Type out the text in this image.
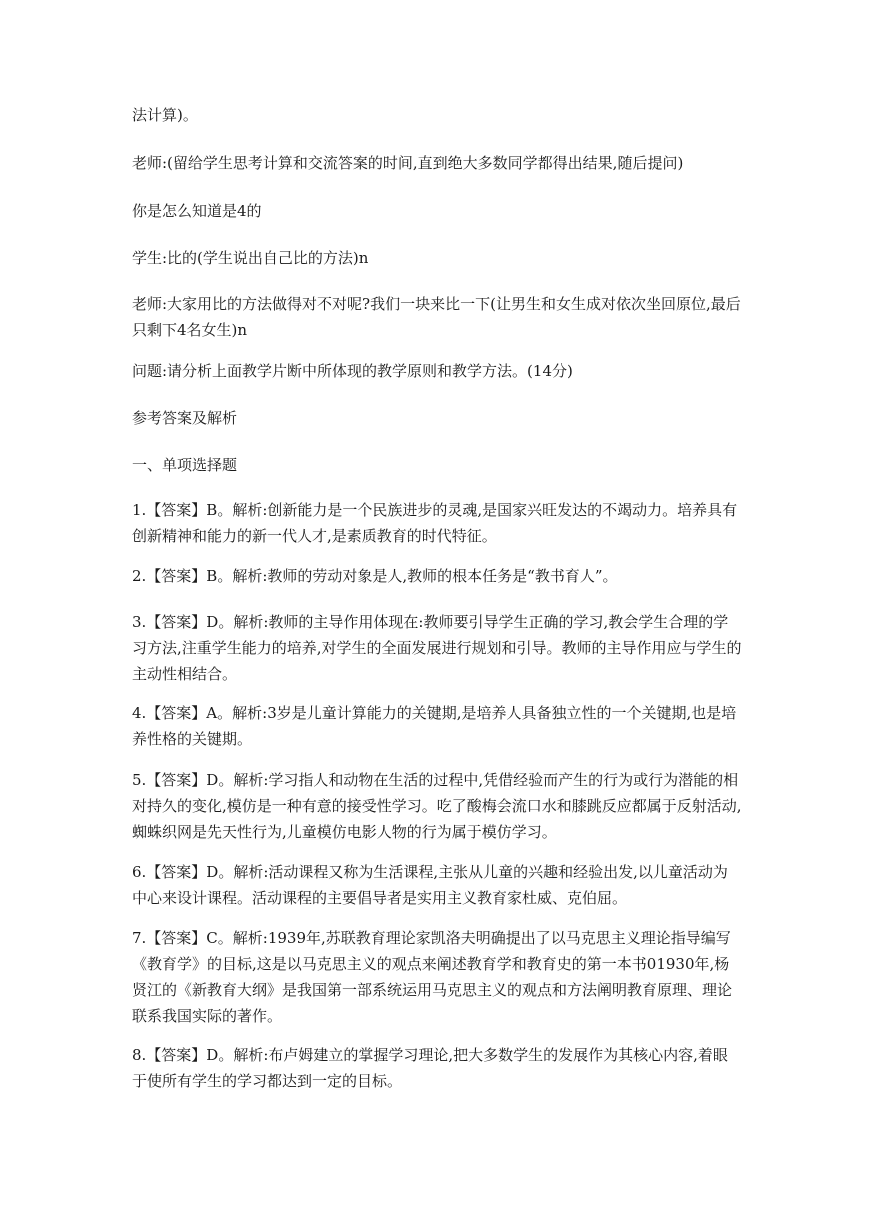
法计算)。

老师:(留给学生思考计算和交流答案的时间,直到绝大多数同学都得出结果,随后提问)

你是怎么知道是4的

学生:比的(学生说出自己比的方法)n

老师:大家用比的方法做得对不对呢?我们一块来比一下(让男生和女生成对依次坐回原位,最后只剩下4名女生)n

问题:请分析上面教学片断中所体现的教学原则和教学方法。(14分)

参考答案及解析

一、单项选择题

1.【答案】B。解析:创新能力是一个民族进步的灵魂,是国家兴旺发达的不竭动力。培养具有创新精神和能力的新一代人才,是素质教育的时代特征。

2.【答案】B。解析:教师的劳动对象是人,教师的根本任务是“教书育人”。

3.【答案】D。解析:教师的主导作用体现在:教师要引导学生正确的学习,教会学生合理的学习方法,注重学生能力的培养,对学生的全面发展进行规划和引导。教师的主导作用应与学生的主动性相结合。

4.【答案】A。解析:3岁是儿童计算能力的关键期,是培养人具备独立性的一个关键期,也是培养性格的关键期。

5.【答案】D。解析:学习指人和动物在生活的过程中,凭借经验而产生的行为或行为潜能的相对持久的变化,模仿是一种有意的接受性学习。吃了酸梅会流口水和膝跳反应都属于反射活动,蜘蛛织网是先天性行为,儿童模仿电影人物的行为属于模仿学习。

6.【答案】D。解析:活动课程又称为生活课程,主张从儿童的兴趣和经验出发,以儿童活动为中心来设计课程。活动课程的主要倡导者是实用主义教育家杜威、克伯屈。

7.【答案】C。解析:1939年,苏联教育理论家凯洛夫明确提出了以马克思主义理论指导编写《教育学》的目标,这是以马克思主义的观点来阐述教育学和教育史的第一本书01930年,杨贤江的《新教育大纲》是我国第一部系统运用马克思主义的观点和方法阐明教育原理、理论联系我国实际的著作。

8.【答案】D。解析:布卢姆建立的掌握学习理论,把大多数学生的发展作为其核心内容,着眼于使所有学生的学习都达到一定的目标。
